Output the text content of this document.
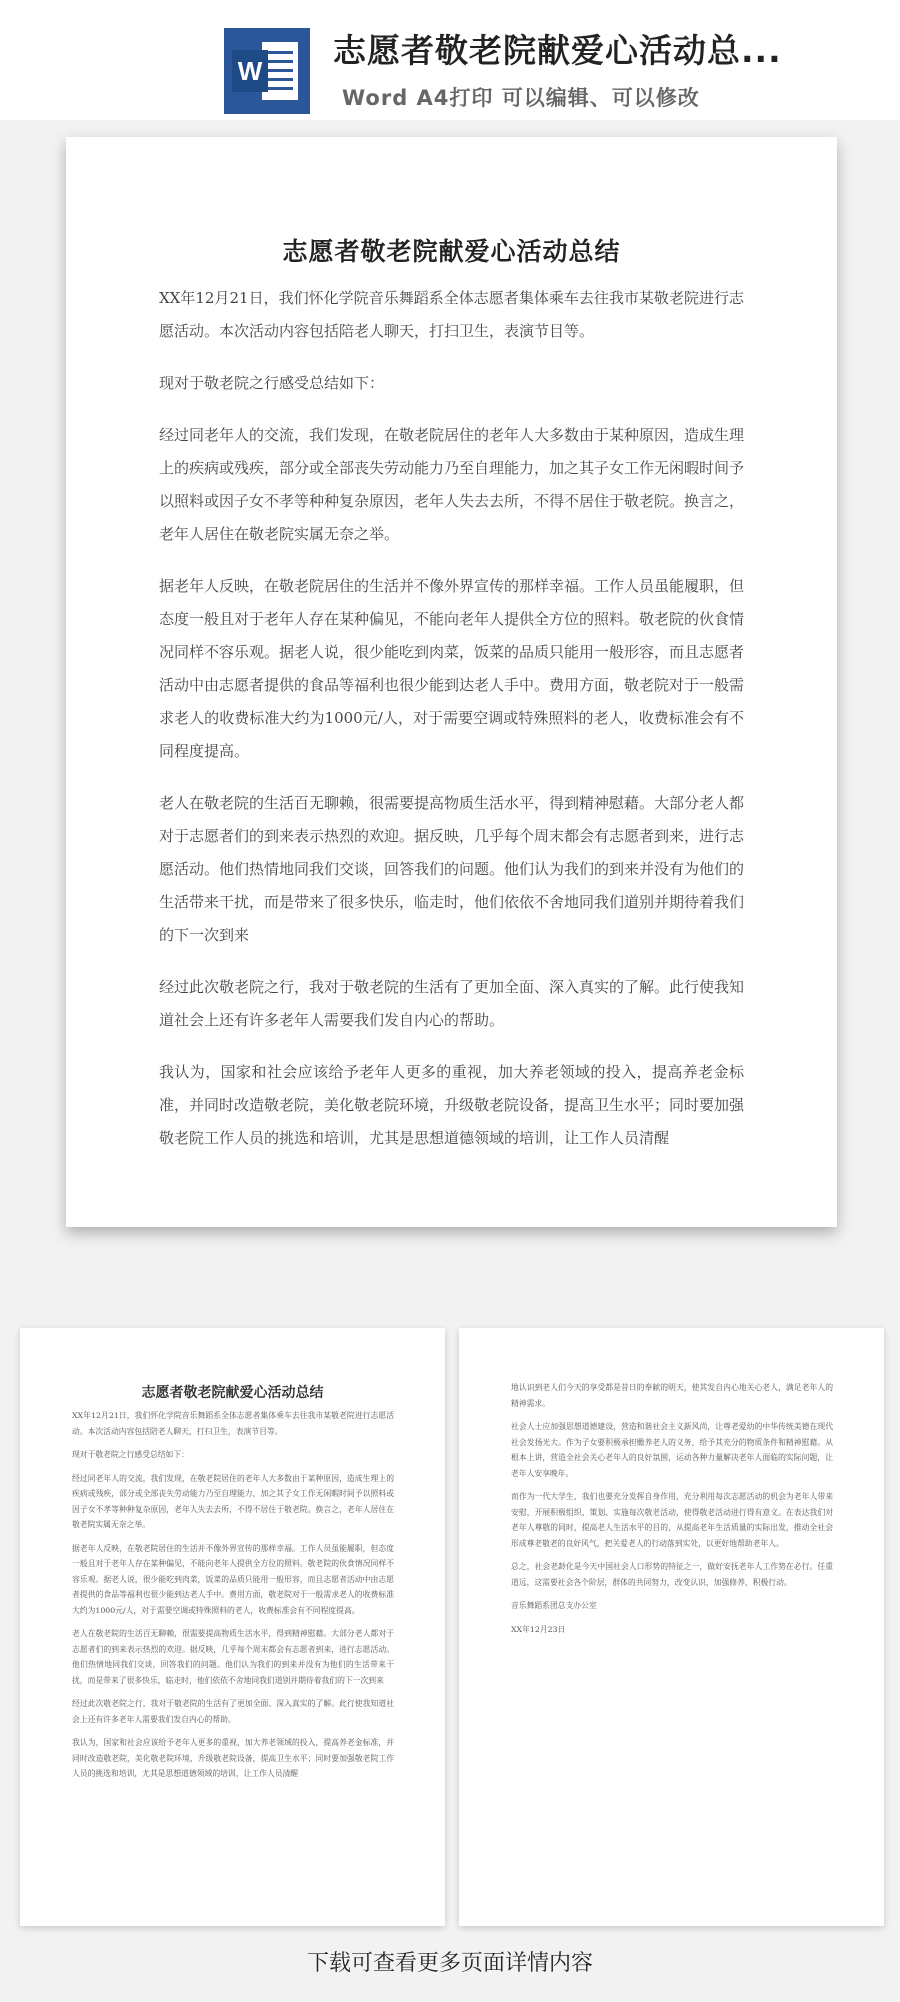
W
志愿者敬老院献爱心活动总...
Word A4打印 可以编辑、可以修改
志愿者敬老院献爱心活动总结

XX年12月21日，我们怀化学院音乐舞蹈系全体志愿者集体乘车去往我市某敬老院进行志愿活动。本次活动内容包括陪老人聊天，打扫卫生，表演节目等。

现对于敬老院之行感受总结如下：

经过同老年人的交流，我们发现，在敬老院居住的老年人大多数由于某种原因，造成生理上的疾病或残疾，部分或全部丧失劳动能力乃至自理能力，加之其子女工作无闲暇时间予以照料或因子女不孝等种种复杂原因，老年人失去去所，不得不居住于敬老院。换言之，老年人居住在敬老院实属无奈之举。

据老年人反映，在敬老院居住的生活并不像外界宣传的那样幸福。工作人员虽能履职，但态度一般且对于老年人存在某种偏见，不能向老年人提供全方位的照料。敬老院的伙食情况同样不容乐观。据老人说，很少能吃到肉菜，饭菜的品质只能用一般形容，而且志愿者活动中由志愿者提供的食品等福利也很少能到达老人手中。费用方面，敬老院对于一般需求老人的收费标准大约为1000元/人，对于需要空调或特殊照料的老人，收费标准会有不同程度提高。

老人在敬老院的生活百无聊赖，很需要提高物质生活水平，得到精神慰藉。大部分老人都对于志愿者们的到来表示热烈的欢迎。据反映，几乎每个周末都会有志愿者到来，进行志愿活动。他们热情地同我们交谈，回答我们的问题。他们认为我们的到来并没有为他们的生活带来干扰，而是带来了很多快乐，临走时，他们依依不舍地同我们道别并期待着我们的下一次到来

经过此次敬老院之行，我对于敬老院的生活有了更加全面、深入真实的了解。此行使我知道社会上还有许多老年人需要我们发自内心的帮助。

我认为，国家和社会应该给予老年人更多的重视，加大养老领域的投入，提高养老金标准，并同时改造敬老院，美化敬老院环境，升级敬老院设备，提高卫生水平；同时要加强敬老院工作人员的挑选和培训，尤其是思想道德领域的培训，让工作人员清醒

志愿者敬老院献爱心活动总结

XX年12月21日，我们怀化学院音乐舞蹈系全体志愿者集体乘车去往我市某敬老院进行志愿活动。本次活动内容包括陪老人聊天，打扫卫生，表演节目等。

现对于敬老院之行感受总结如下：

经过同老年人的交流，我们发现，在敬老院居住的老年人大多数由于某种原因，造成生理上的疾病或残疾，部分或全部丧失劳动能力乃至自理能力，加之其子女工作无闲暇时间予以照料或因子女不孝等种种复杂原因，老年人失去去所，不得不居住于敬老院。换言之，老年人居住在敬老院实属无奈之举。

据老年人反映，在敬老院居住的生活并不像外界宣传的那样幸福。工作人员虽能履职，但态度一般且对于老年人存在某种偏见，不能向老年人提供全方位的照料。敬老院的伙食情况同样不容乐观。据老人说，很少能吃到肉菜，饭菜的品质只能用一般形容，而且志愿者活动中由志愿者提供的食品等福利也很少能到达老人手中。费用方面，敬老院对于一般需求老人的收费标准大约为1000元/人，对于需要空调或特殊照料的老人，收费标准会有不同程度提高。

老人在敬老院的生活百无聊赖，很需要提高物质生活水平，得到精神慰藉。大部分老人都对于志愿者们的到来表示热烈的欢迎。据反映，几乎每个周末都会有志愿者到来，进行志愿活动。他们热情地同我们交谈，回答我们的问题。他们认为我们的到来并没有为他们的生活带来干扰，而是带来了很多快乐，临走时，他们依依不舍地同我们道别并期待着我们的下一次到来

经过此次敬老院之行，我对于敬老院的生活有了更加全面、深入真实的了解。此行使我知道社会上还有许多老年人需要我们发自内心的帮助。

我认为，国家和社会应该给予老年人更多的重视，加大养老领域的投入，提高养老金标准，并同时改造敬老院，美化敬老院环境，升级敬老院设备，提高卫生水平；同时要加强敬老院工作人员的挑选和培训，尤其是思想道德领域的培训，让工作人员清醒

地认识到老人们今天的享受都是昔日的奉献的明天，使其发自内心地关心老人，满足老年人的精神需求。

社会人士应加强思想道德建设，营造和谐社会主义新风尚，让尊老爱幼的中华传统美德在现代社会发扬光大。作为子女要积极承担赡养老人的义务，给予其充分的物质条件和精神慰藉。从根本上讲，营造全社会关心老年人的良好氛围，运动各种力量解决老年人面临的实际问题，让老年人安享晚年。

而作为一代大学生，我们也要充分发挥自身作用，充分利用每次志愿活动的机会为老年人带来安慰，开展积极组织、策划、实施每次敬老活动，使得敬老活动进行得有意义。在表达我们对老年人尊敬的同时，提高老人生活水平的目的，从提高老年生活质量的实际出发，推动全社会形成尊老敬老的良好风气，把关爱老人的行动落到实处，以更好地帮助老年人。

总之，社会老龄化是今天中国社会人口形势的特征之一，做好安抚老年人工作势在必行。任重道远，这需要社会各个阶层，群体的共同努力，改变认识，加强修养，积极行动。

音乐舞蹈系团总支办公室

XX年12月23日

下载可查看更多页面详情内容
